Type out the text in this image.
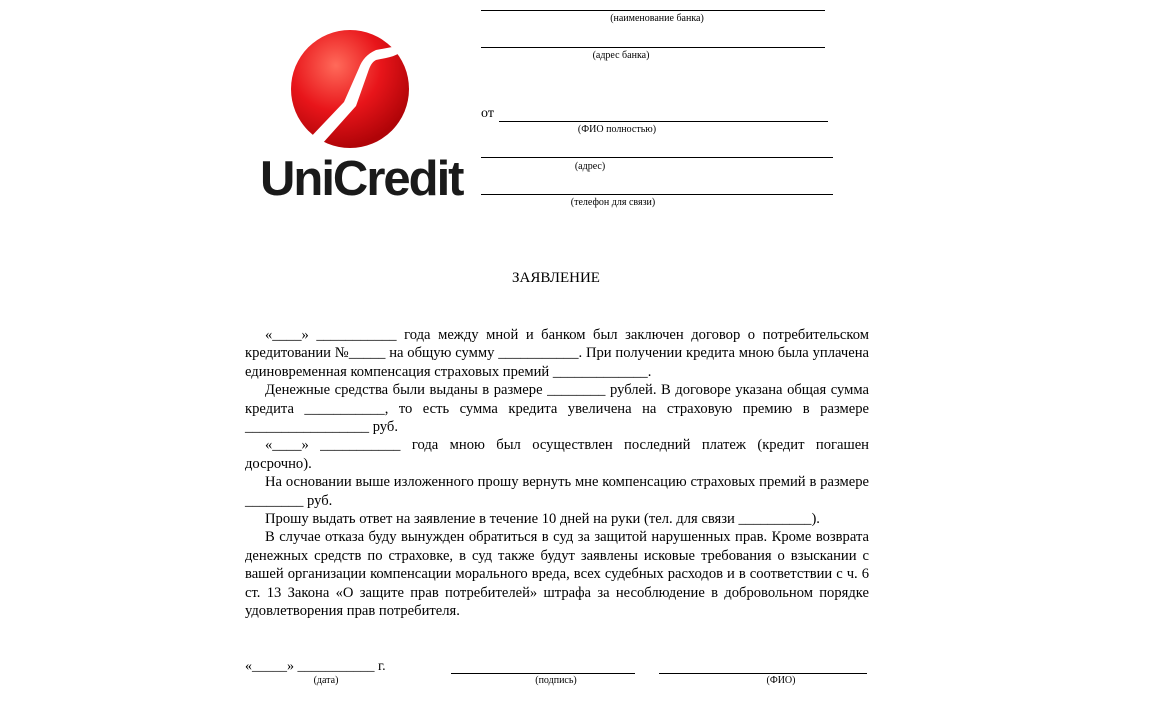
UniCredit
(наименование банка)
(адрес банка)
от
(ФИО полностью)
(адрес)
(телефон для связи)
ЗАЯВЛЕНИЕ

«____» ___________ года между мной и банком был заключен договор о потребительском кредитовании №_____ на общую сумму ___________. При получении кредита мною была уплачена единовременная компенсация страховых премий _____________.

Денежные средства были выданы в размере ________ рублей. В договоре указана общая сумма кредита ___________, то есть сумма кредита увеличена на страховую премию в размере _________________ руб.

«____» ___________ года мною был осуществлен последний платеж (кредит погашен досрочно).

На основании выше изложенного прошу вернуть мне компенсацию страховых премий в размере ________ руб.

Прошу выдать ответ на заявление в течение 10 дней на руки (тел. для связи __________).

В случае отказа буду вынужден обратиться в суд за защитой нарушенных прав. Кроме возврата денежных средств по страховке, в суд также будут заявлены исковые требования о взыскании с вашей организации компенсации морального вреда, всех судебных расходов и в соответствии с ч. 6 ст. 13 Закона «О защите прав потребителей» штрафа за несоблюдение в добровольном порядке удовлетворения прав потребителя.

«_____» ___________ г.
(дата)	(подпись)	(ФИО)
